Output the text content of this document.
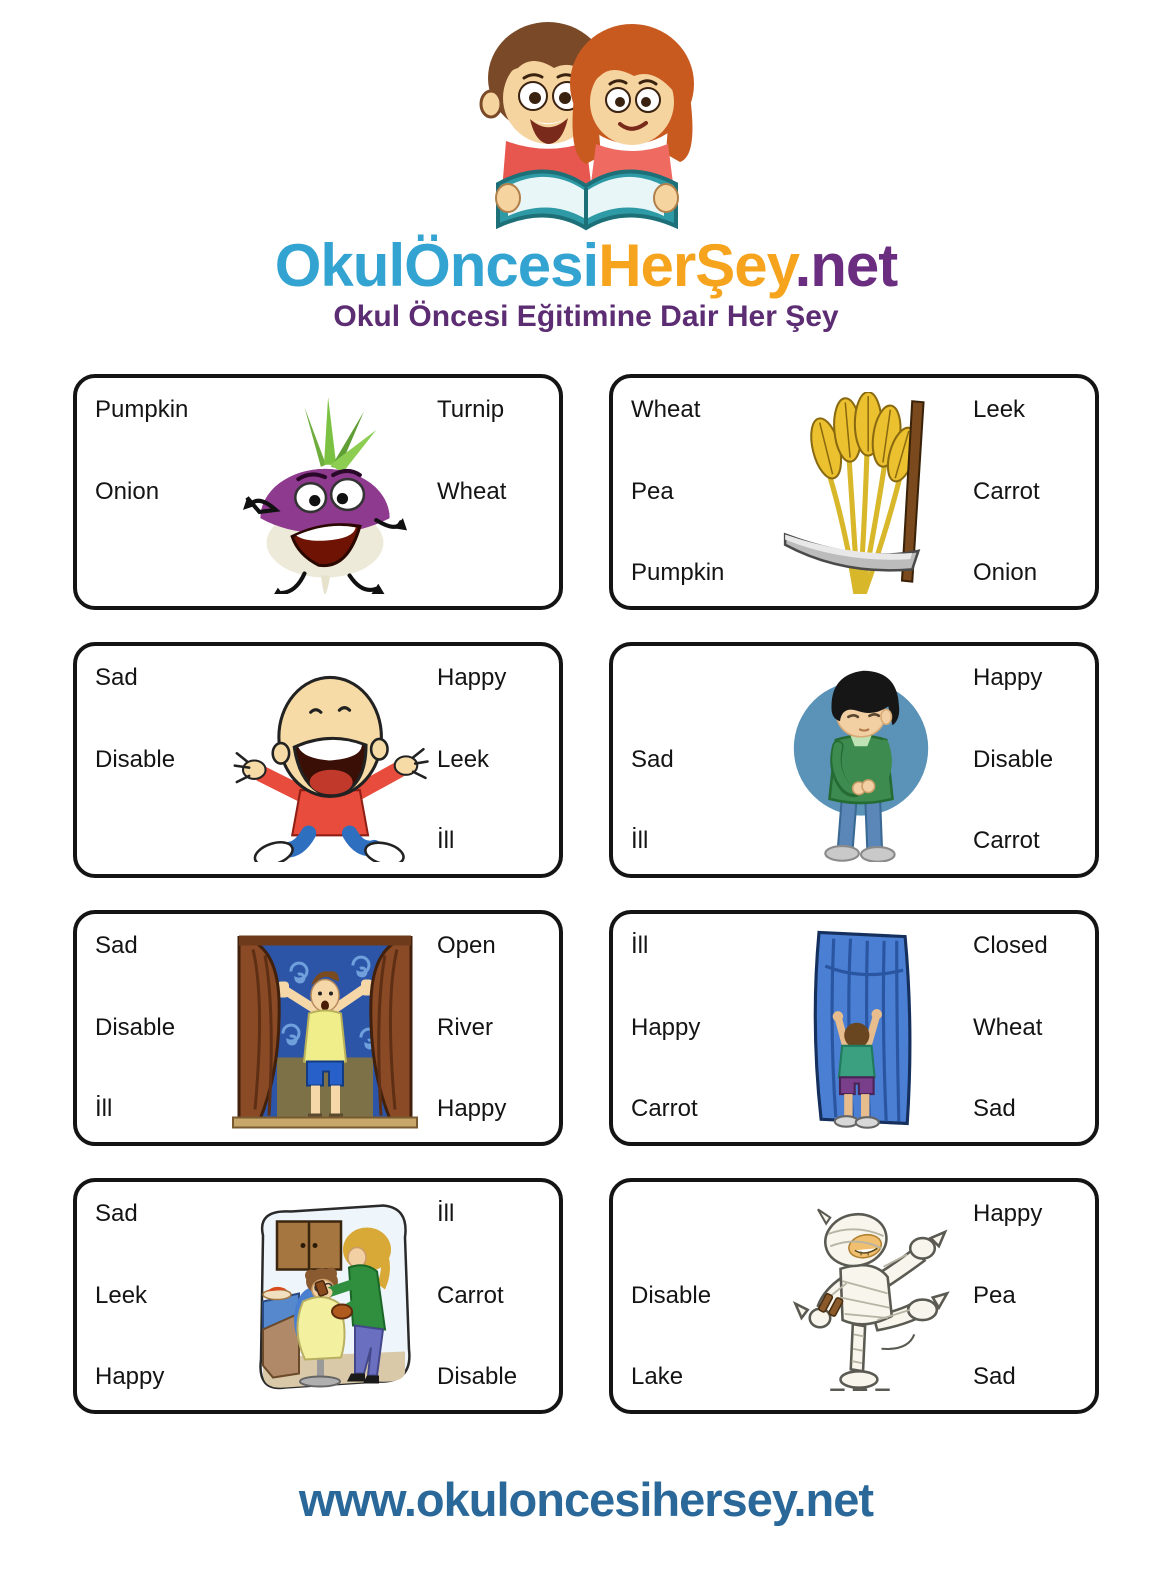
OkulÖncesiHerŞey.net
Okul Öncesi Eğitimine Dair Her Şey
Pumpkin
Onion
Turnip
Wheat
Wheat
Pea
Pumpkin
Leek
Carrot
Onion
Sad
Disable
Happy
Leek
İll
Sad
İll
Happy
Disable
Carrot
Sad
Disable
İll
Open
River
Happy
İll
Happy
Carrot
Closed
Wheat
Sad
Sad
Leek
Happy
İll
Carrot
Disable
Disable
Lake
Happy
Pea
Sad
www.okuloncesihersey.net
